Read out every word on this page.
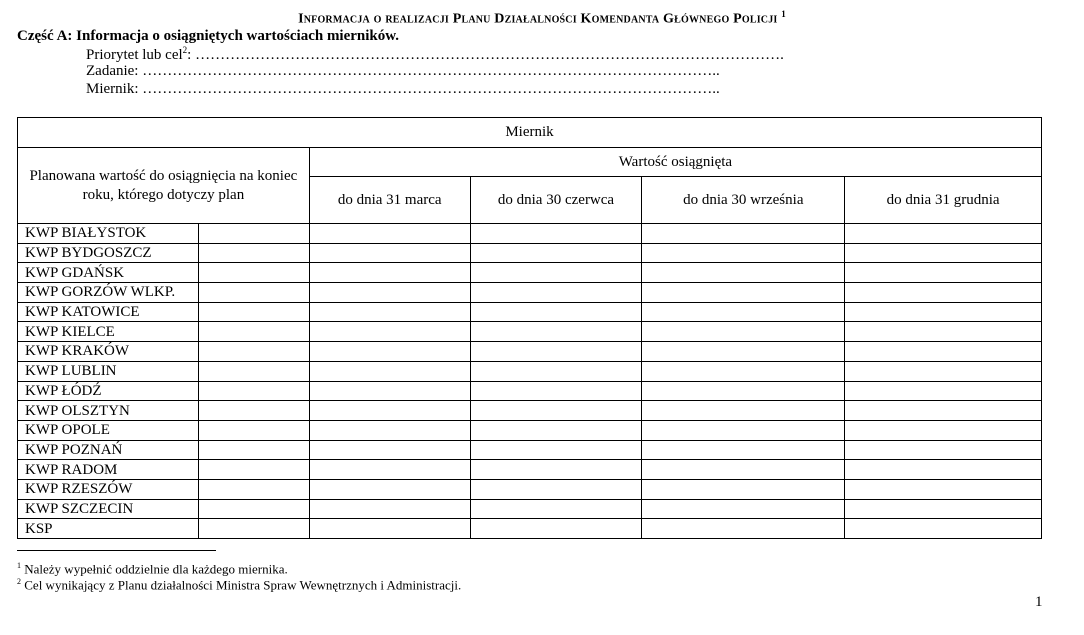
Informacja o realizacji Planu Działalności Komendanta Głównego Policji $^1$
Część A: Informacja o osiągniętych wartościach mierników.
Priorytet lub cel$^2$: ……………………………………………………………………………………………………….
Zadanie: ……………………………………………………………………………………………………..
Miernik: ……………………………………………………………………………………………………..
Miernik					
Planowana wartość do osiągnięcia na koniec roku, którego dotyczy plan		Wartość osiągnięta			
		do dnia 31 marca	do dnia 30 czerwca	do dnia 30 września	do dnia 31 grudnia
KWP BIAŁYSTOK					
KWP BYDGOSZCZ					
KWP GDAŃSK					
KWP GORZÓW WLKP.					
KWP KATOWICE					
KWP KIELCE					
KWP KRAKÓW					
KWP LUBLIN					
KWP ŁÓDŹ					
KWP OLSZTYN					
KWP OPOLE					
KWP POZNAŃ					
KWP RADOM					
KWP RZESZÓW					
KWP SZCZECIN					
KSP					
$^1$ Należy wypełnić oddzielnie dla każdego miernika.
$^2$ Cel wynikający z Planu działalności Ministra Spraw Wewnętrznych i Administracji.
1
